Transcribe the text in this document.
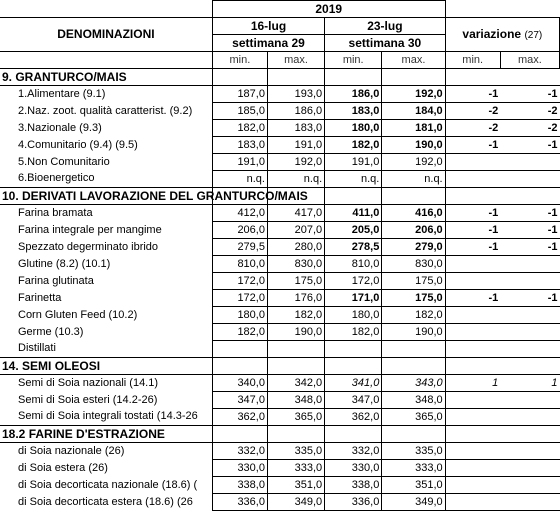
	2019					
DENOMINAZIONI	16-lug		23-lug		variazione (27)	
	settimana 29		settimana 30			
	min.	max.	min.	max.	min.	max.
9. GRANTURCO/MAIS						
1.Alimentare (9.1)	187,0	193,0	186,0	192,0	-1	-1
2.Naz. zoot. qualità caratterist. (9.2)	185,0	186,0	183,0	184,0	-2	-2
3.Nazionale (9.3)	182,0	183,0	180,0	181,0	-2	-2
4.Comunitario (9.4) (9.5)	183,0	191,0	182,0	190,0	-1	-1
5.Non Comunitario	191,0	192,0	191,0	192,0		
6.Bioenergetico	n.q.	n.q.	n.q.	n.q.		
10. DERIVATI LAVORAZIONE DEL GRANTURCO/MAIS						
Farina bramata	412,0	417,0	411,0	416,0	-1	-1
Farina integrale per mangime	206,0	207,0	205,0	206,0	-1	-1
Spezzato degerminato ibrido	279,5	280,0	278,5	279,0	-1	-1
Glutine (8.2) (10.1)	810,0	830,0	810,0	830,0		
Farina glutinata	172,0	175,0	172,0	175,0		
Farinetta	172,0	176,0	171,0	175,0	-1	-1
Corn Gluten Feed (10.2)	180,0	182,0	180,0	182,0		
Germe (10.3)	182,0	190,0	182,0	190,0		
Distillati						
14. SEMI OLEOSI						
Semi di Soia nazionali (14.1)	340,0	342,0	341,0	343,0	1	1
Semi di Soia esteri (14.2-26)	347,0	348,0	347,0	348,0		
Semi di Soia integrali tostati (14.3-26	362,0	365,0	362,0	365,0		
18.2 FARINE D'ESTRAZIONE						
di Soia nazionale (26)	332,0	335,0	332,0	335,0		
di Soia estera (26)	330,0	333,0	330,0	333,0		
di Soia decorticata nazionale (18.6) (	338,0	351,0	338,0	351,0		
di Soia decorticata estera (18.6) (26	336,0	349,0	336,0	349,0		
